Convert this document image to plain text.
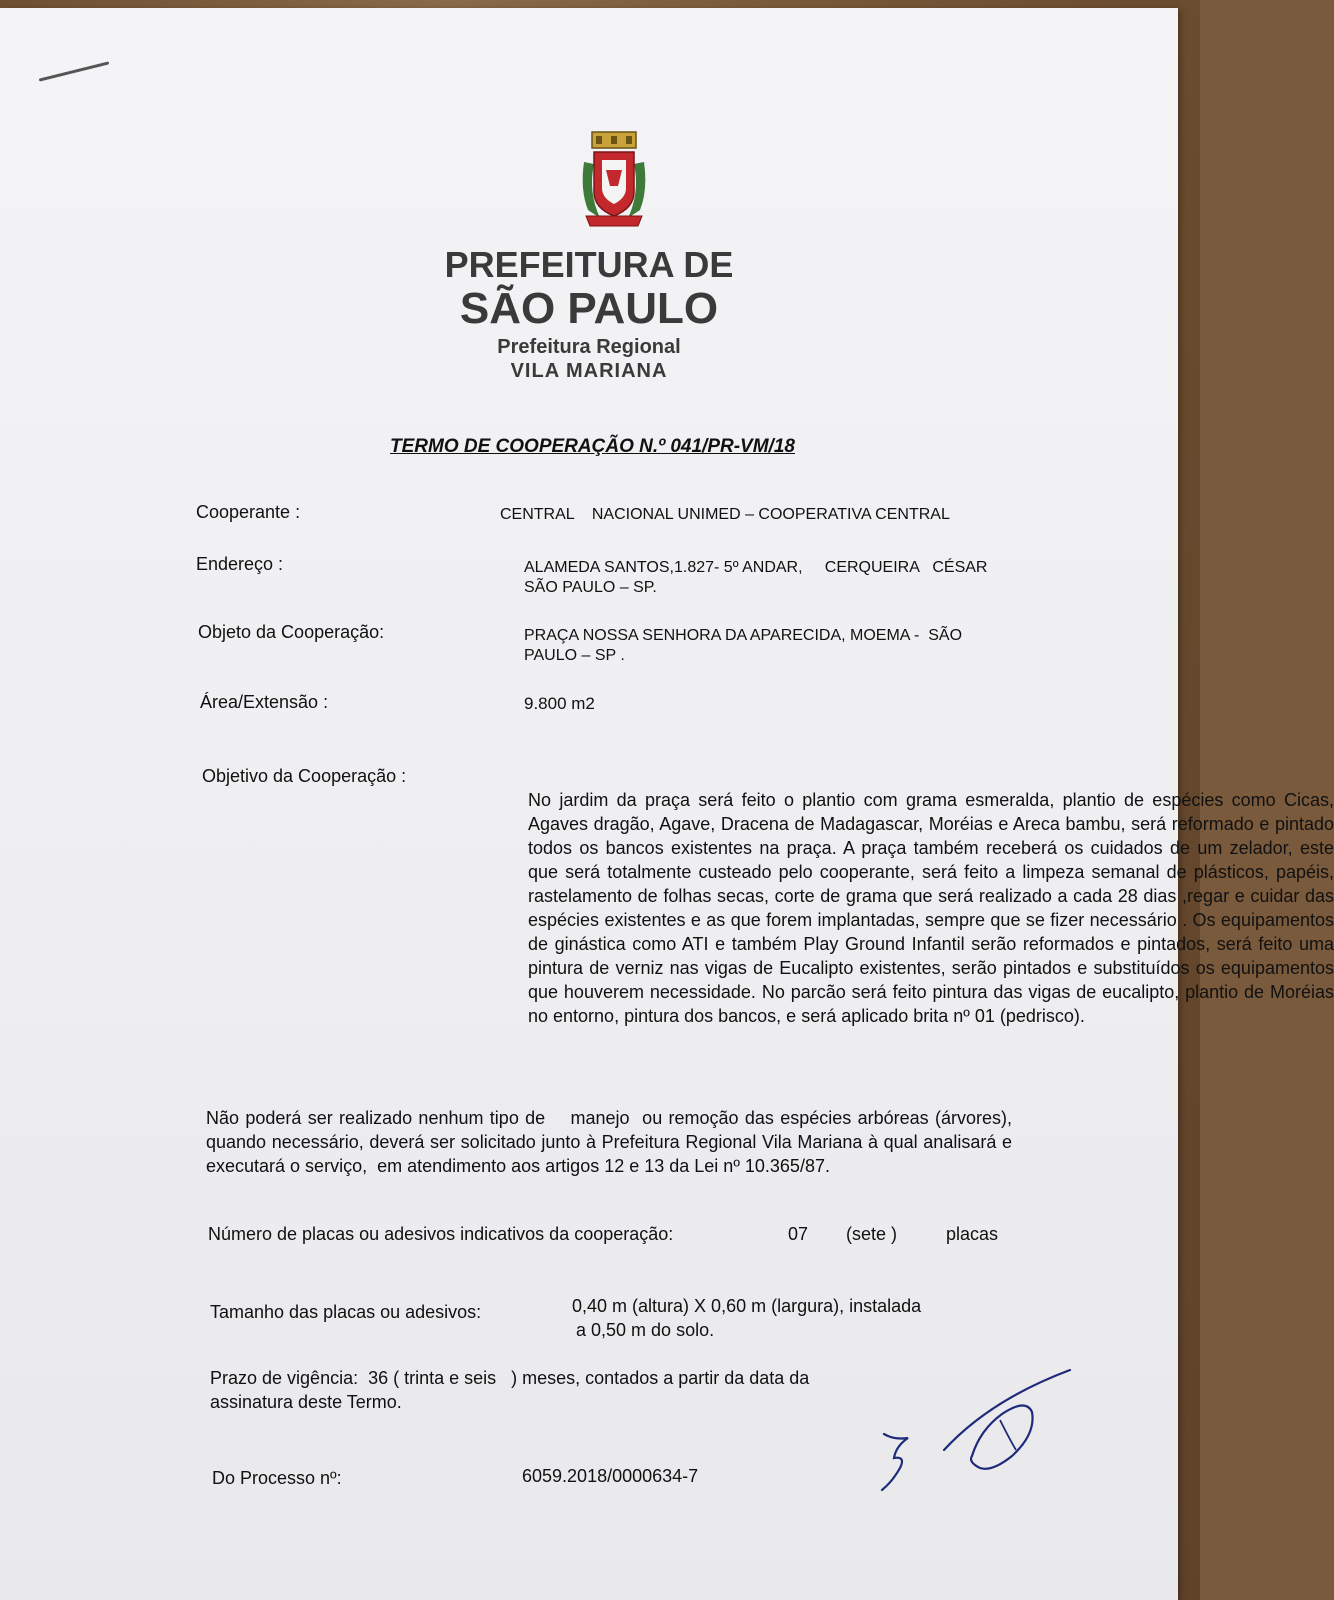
PREFEITURA DE

SÃO PAULO

Prefeitura Regional

VILA MARIANA

TERMO DE COOPERAÇÃO N.º 041/PR-VM/18

Cooperante :	CENTRAL    NACIONAL UNIMED – COOPERATIVA CENTRAL
Endereço :	ALAMEDA SANTOS,1.827- 5º ANDAR,     CERQUEIRA   CÉSAR
SÃO PAULO – SP.
Objeto da Cooperação:	PRAÇA NOSSA SENHORA DA APARECIDA, MOEMA -  SÃO
PAULO – SP .
Área/Extensão :	9.800 m2
Objetivo da Cooperação :

No jardim da praça será feito o plantio com grama esmeralda, plantio de espécies como Cicas, Agaves dragão, Agave, Dracena de Madagascar, Moréias e Areca bambu, será reformado e pintado todos os bancos existentes na praça. A praça também receberá os cuidados de um zelador, este que será totalmente custeado pelo cooperante, será feito a limpeza semanal de plásticos, papéis, rastelamento de folhas secas, corte de grama que será realizado a cada 28 dias ,regar e cuidar das espécies existentes e as que forem implantadas, sempre que se fizer necessário . Os equipamentos de ginástica como ATI e também Play Ground Infantil serão reformados e pintados, será feito uma pintura de verniz nas vigas de Eucalipto existentes, serão pintados e substituídos os equipamentos que houverem necessidade. No parcão será feito pintura das vigas de eucalipto, plantio de Moréias no entorno, pintura dos bancos, e será aplicado brita nº 01 (pedrisco).

Não poderá ser realizado nenhum tipo de    manejo  ou remoção das espécies arbóreas (árvores), quando necessário, deverá ser solicitado junto à Prefeitura Regional Vila Mariana à qual analisará e executará o serviço,  em atendimento aos artigos 12 e 13 da Lei nº 10.365/87.

Número de placas ou adesivos indicativos da cooperação:	07 (sete )	placas
Tamanho das placas ou adesivos:	0,40 m (altura) X 0,60 m (largura), instalada
a 0,50 m do solo.
Prazo de vigência:  36 ( trinta e seis   ) meses, contados a partir da data da
assinatura deste Termo.
Do Processo nº:	6059.2018/0000634-7
